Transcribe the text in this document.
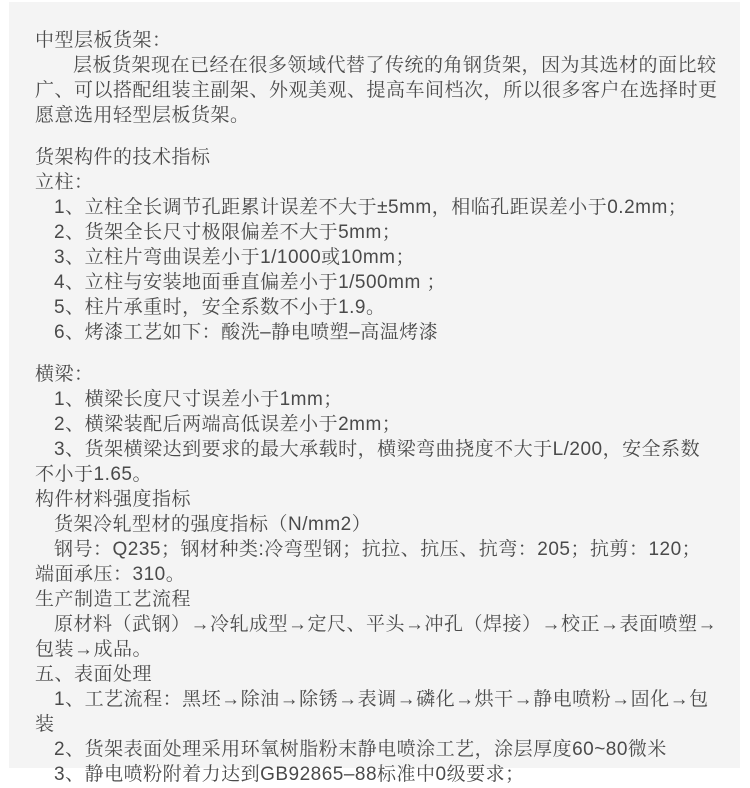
中型层板货架：

层板货架现在已经在很多领域代替了传统的角钢货架，因为其选材的面比较广、可以搭配组装主副架、外观美观、提高车间档次，所以很多客户在选择时更愿意选用轻型层板货架。

货架构件的技术指标

立柱：

1、立柱全长调节孔距累计误差不大于±5mm，相临孔距误差小于0.2mm；

2、货架全长尺寸极限偏差不大于5mm；

3、立柱片弯曲误差小于1/1000或10mm；

4、立柱与安装地面垂直偏差小于1/500mm ；

5、柱片承重时，安全系数不小于1.9。

6、烤漆工艺如下：酸洗–静电喷塑–高温烤漆

横梁：

1、横梁长度尺寸误差小于1mm；

2、横梁装配后两端高低误差小于2mm；

3、货架横梁达到要求的最大承载时，横梁弯曲挠度不大于L/200，安全系数不小于1.65。

构件材料强度指标

货架冷轧型材的强度指标（N/mm2）

钢号：Q235；钢材种类:冷弯型钢；抗拉、抗压、抗弯：205；抗剪：120；端面承压：310。

生产制造工艺流程

原材料（武钢）→冷轧成型→定尺、平头→冲孔（焊接）→校正→表面喷塑→包装→成品。

五、表面处理

1、工艺流程：黑坯→除油→除锈→表调→磷化→烘干→静电喷粉→固化→包装

2、货架表面处理采用环氧树脂粉末静电喷涂工艺，涂层厚度60~80微米

3、静电喷粉附着力达到GB92865–88标准中0级要求；
